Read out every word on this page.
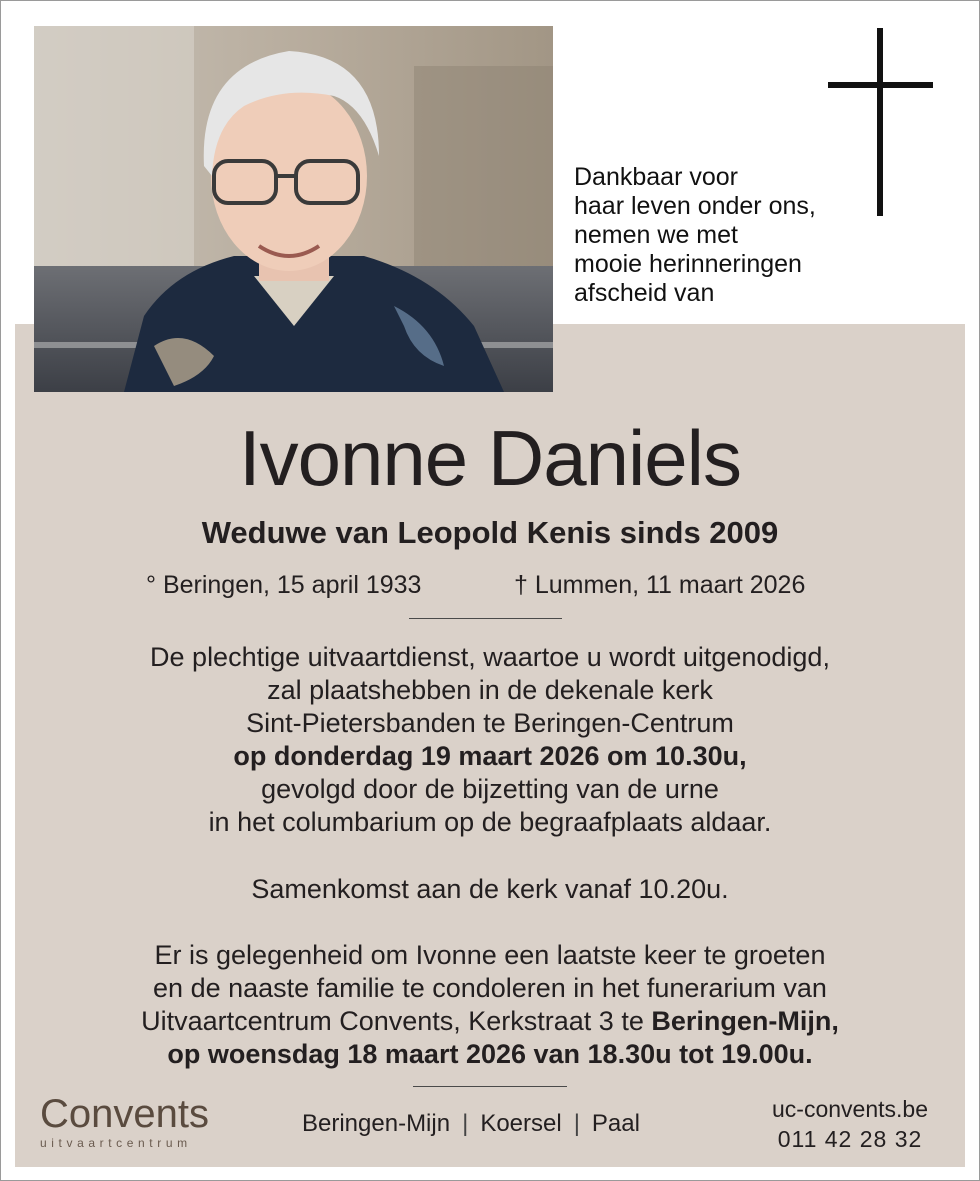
Dankbaar voor
haar leven onder ons,
nemen we met
mooie herinneringen
afscheid van
Ivonne Daniels
Weduwe van Leopold Kenis sinds 2009
° Beringen, 15 april 1933	† Lummen, 11 maart 2026
De plechtige uitvaartdienst, waartoe u wordt uitgenodigd,
zal plaatshebben in de dekenale kerk
Sint-Pietersbanden te Beringen-Centrum
op donderdag 19 maart 2026 om 10.30u,
gevolgd door de bijzetting van de urne
in het columbarium op de begraafplaats aldaar.
Samenkomst aan de kerk vanaf 10.20u.
Er is gelegenheid om Ivonne een laatste keer te groeten
en de naaste familie te condoleren in het funerarium van
Uitvaartcentrum Convents, Kerkstraat 3 te Beringen-Mijn,
op woensdag 18 maart 2026 van 18.30u tot 19.00u.
Convents
uitvaartcentrum
Beringen-Mijn | Koersel | Paal
uc-convents.be
011 42 28 32
